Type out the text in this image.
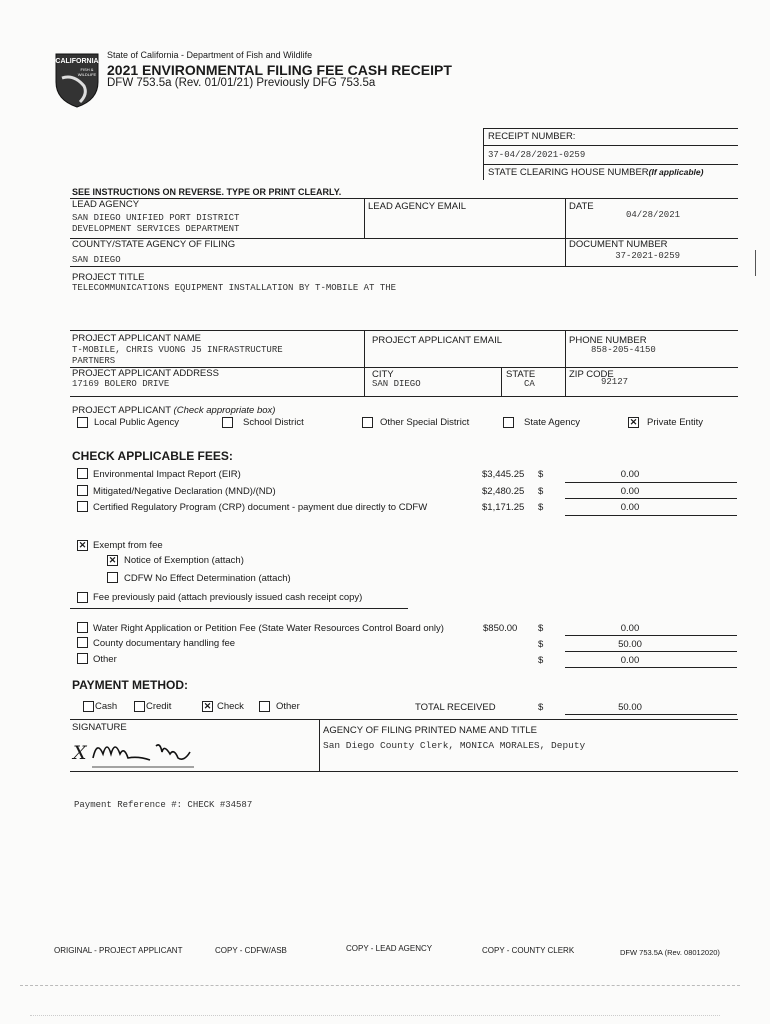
CALIFORNIA
FISH &
WILDLIFE
State of California - Department of Fish and Wildlife
2021 ENVIRONMENTAL FILING FEE CASH RECEIPT
DFW 753.5a (Rev. 01/01/21) Previously DFG 753.5a
RECEIPT NUMBER:
37-04/28/2021-0259
STATE CLEARING HOUSE NUMBER(If applicable)
SEE INSTRUCTIONS ON REVERSE. TYPE OR PRINT CLEARLY.
LEAD AGENCY
SAN DIEGO UNIFIED PORT DISTRICT
DEVELOPMENT SERVICES DEPARTMENT
LEAD AGENCY EMAIL	DATE
04/28/2021
COUNTY/STATE AGENCY OF FILING
SAN DIEGO
DOCUMENT NUMBER
37-2021-0259
PROJECT TITLE
TELECOMMUNICATIONS EQUIPMENT INSTALLATION BY T-MOBILE AT THE
PROJECT APPLICANT NAME
T-MOBILE, CHRIS VUONG J5 INFRASTRUCTURE
PARTNERS
PROJECT APPLICANT EMAIL	PHONE NUMBER
858-205-4150
PROJECT APPLICANT ADDRESS
17169 BOLERO DRIVE
CITY
SAN DIEGO
STATE
CA
ZIP CODE
92127
PROJECT APPLICANT (Check appropriate box)
Local Public Agency	School District	Other Special District	State Agency	✕ Private Entity
CHECK APPLICABLE FEES:
Environmental Impact Report (EIR)	$3,445.25 $	0.00
Mitigated/Negative Declaration (MND)/(ND)	$2,480.25 $	0.00
Certified Regulatory Program (CRP) document - payment due directly to CDFW	$1,171.25 $	0.00
✕ Exempt from fee
✕ Notice of Exemption (attach)
CDFW No Effect Determination (attach)
Fee previously paid (attach previously issued cash receipt copy)
Water Right Application or Petition Fee (State Water Resources Control Board only)	$850.00 $	0.00
County documentary handling fee	$	50.00
Other	$	0.00
PAYMENT METHOD:
Cash	Credit	✕ Check	Other	TOTAL RECEIVED	$	50.00
SIGNATURE
X
AGENCY OF FILING PRINTED NAME AND TITLE
San Diego County Clerk, MONICA MORALES, Deputy
Payment Reference #: CHECK #34587
ORIGINAL - PROJECT APPLICANT	COPY - CDFW/ASB	COPY - LEAD AGENCY	COPY - COUNTY CLERK	DFW 753.5A (Rev. 08012020)
